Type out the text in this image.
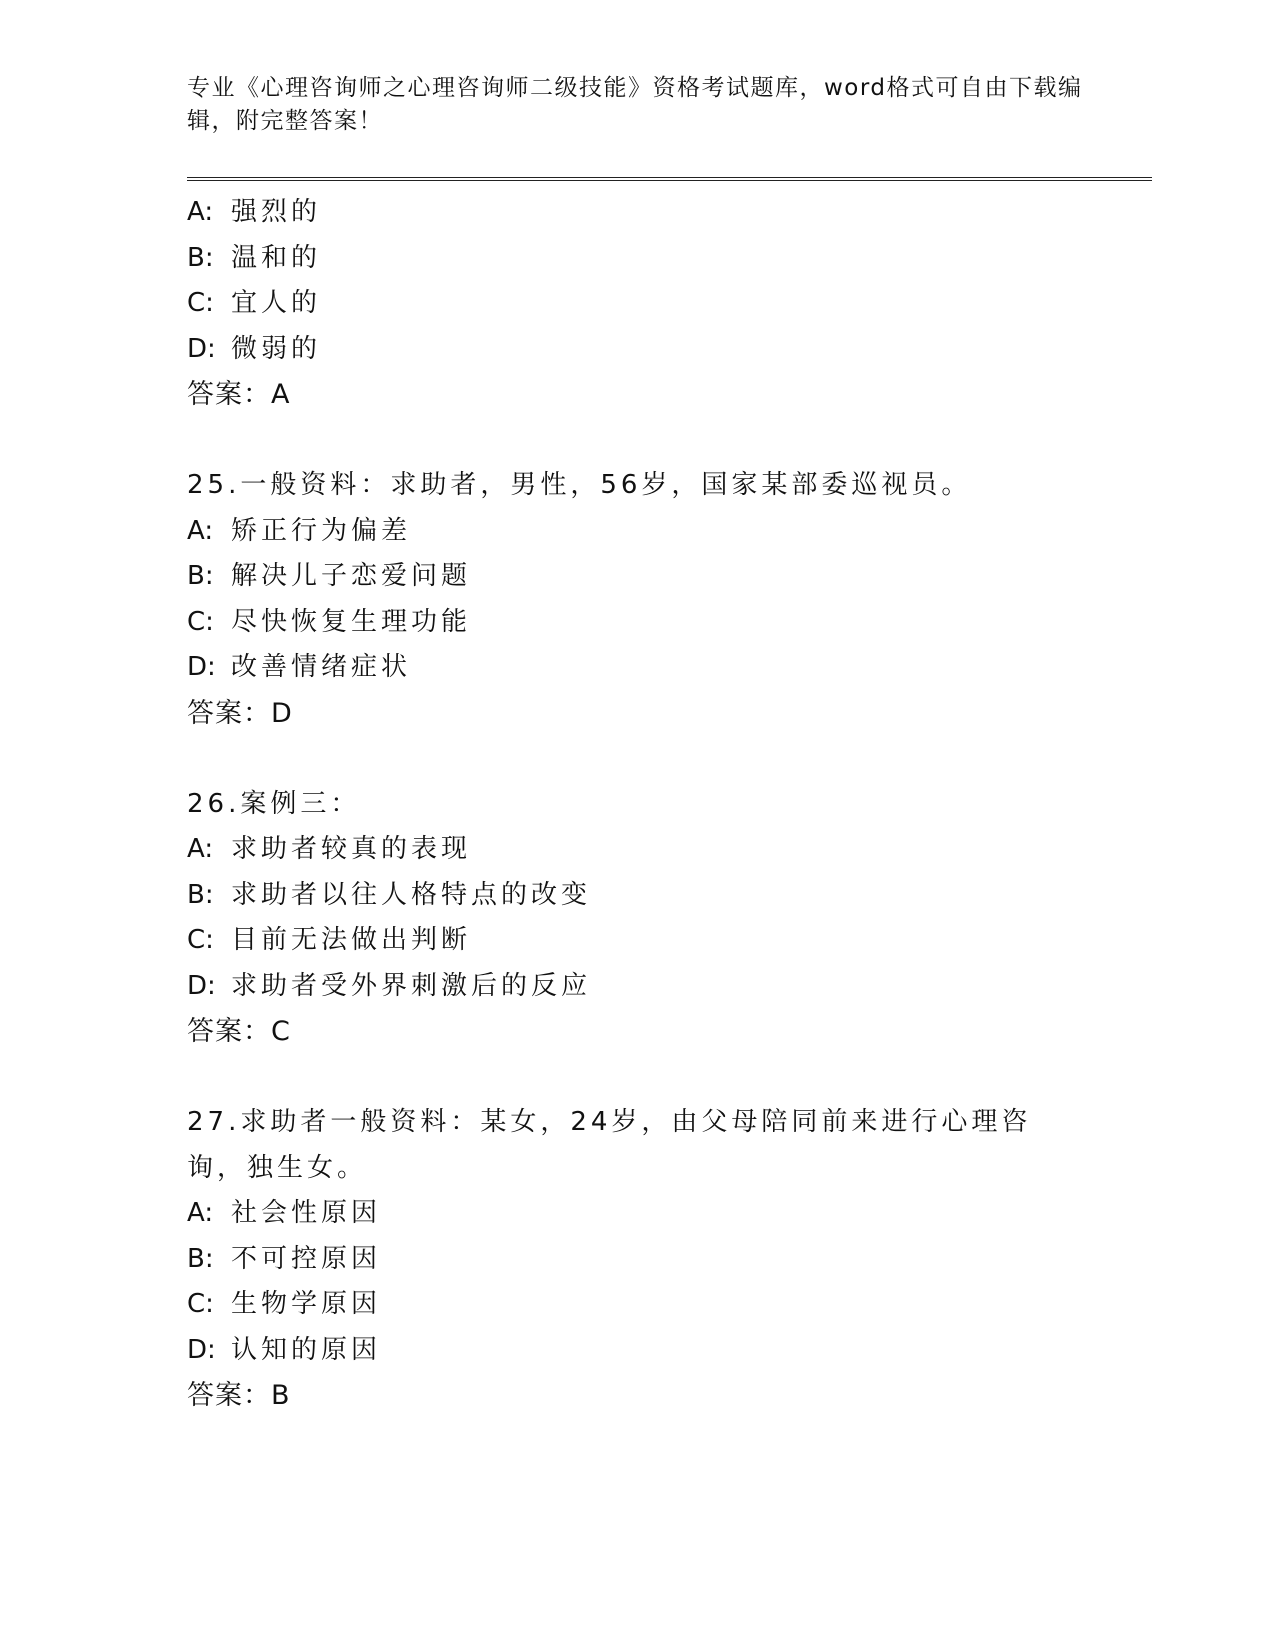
专业《心理咨询师之心理咨询师二级技能》资格考试题库，word格式可自由下载编辑，附完整答案！
A: 强烈的
B: 温和的
C: 宜人的
D: 微弱的
答案：A
25.一般资料：求助者，男性，56岁，国家某部委巡视员。
A: 矫正行为偏差
B: 解决儿子恋爱问题
C: 尽快恢复生理功能
D: 改善情绪症状
答案：D
26.案例三：
A: 求助者较真的表现
B: 求助者以往人格特点的改变
C: 目前无法做出判断
D: 求助者受外界刺激后的反应
答案：C
27.求助者一般资料：某女，24岁，由父母陪同前来进行心理咨询，独生女。
A: 社会性原因
B: 不可控原因
C: 生物学原因
D: 认知的原因
答案：B
